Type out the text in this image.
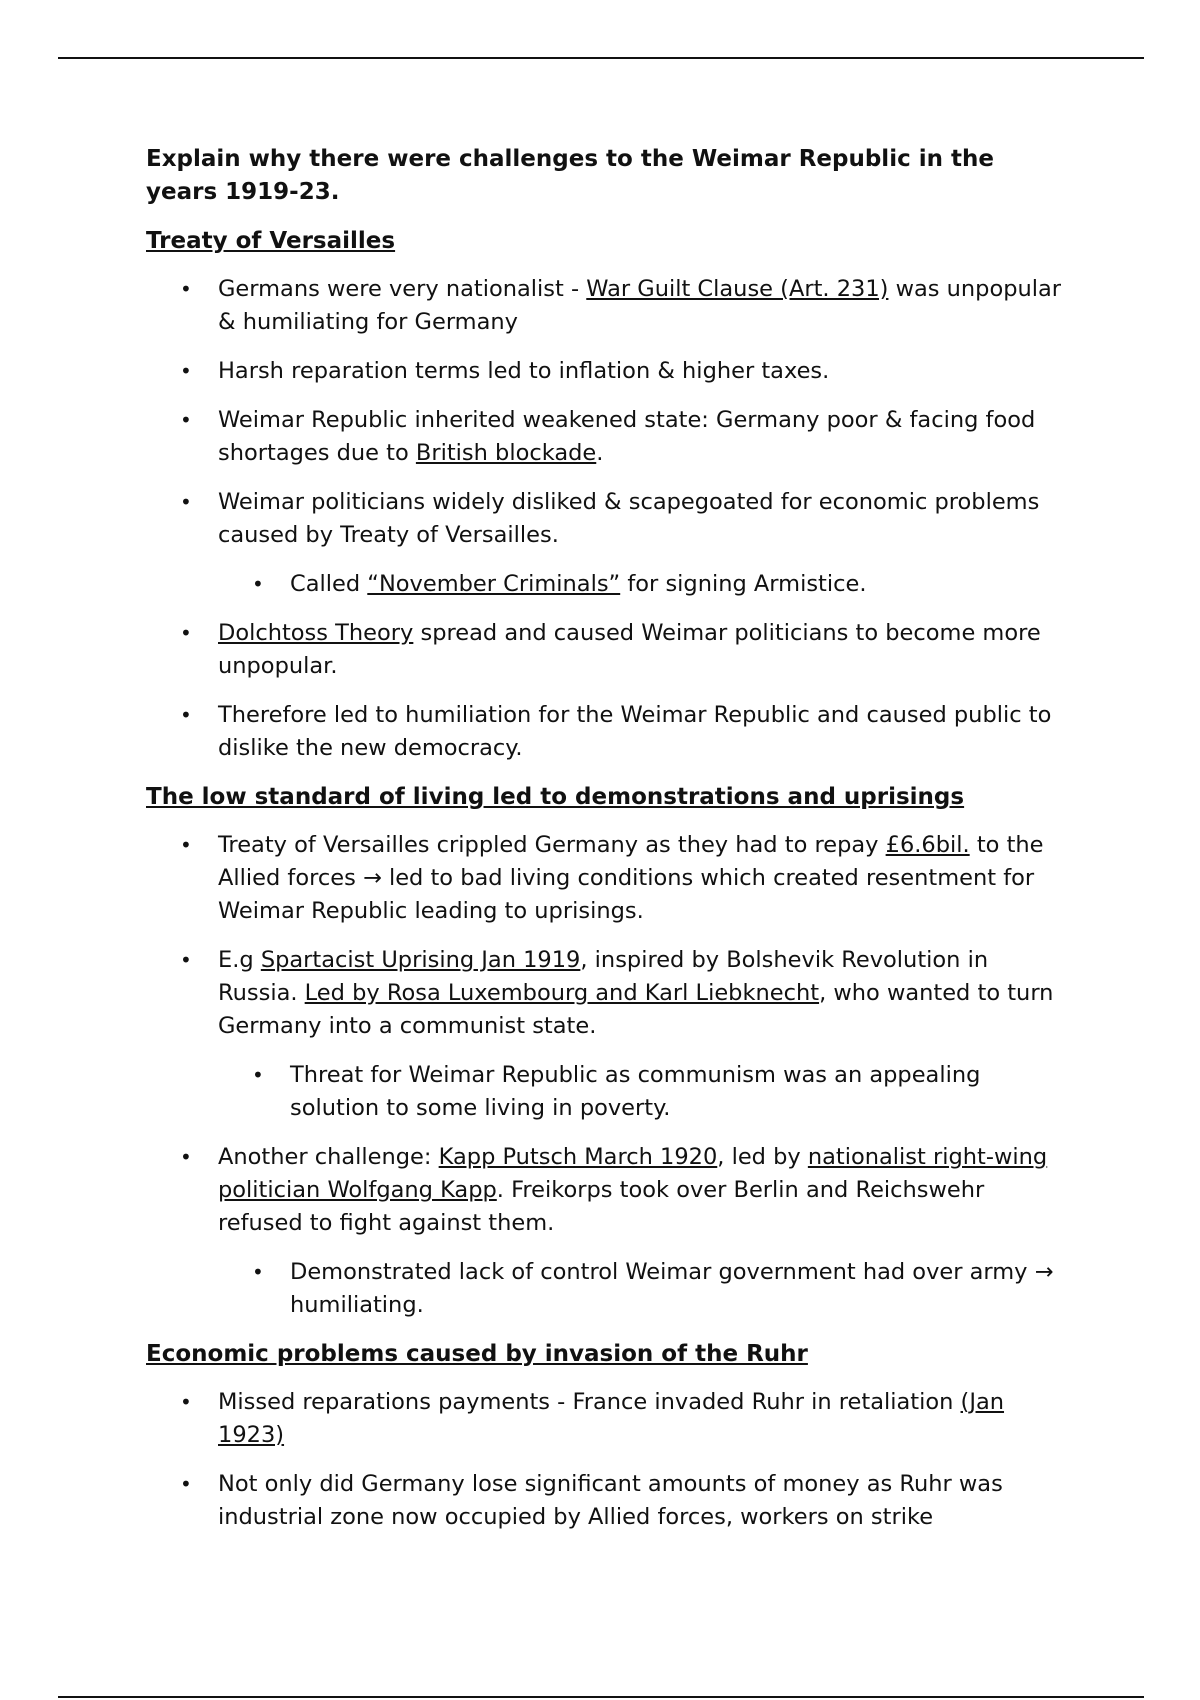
Explain why there were challenges to the Weimar Republic in the years 1919-23.
Treaty of Versailles
• Germans were very nationalist - War Guilt Clause (Art. 231) was unpopular & humiliating for Germany
• Harsh reparation terms led to inflation & higher taxes.
• Weimar Republic inherited weakened state: Germany poor & facing food shortages due to British blockade.
• Weimar politicians widely disliked & scapegoated for economic problems caused by Treaty of Versailles.
• Called “November Criminals” for signing Armistice.
• Dolchtoss Theory spread and caused Weimar politicians to become more unpopular.
• Therefore led to humiliation for the Weimar Republic and caused public to dislike the new democracy.
The low standard of living led to demonstrations and uprisings
• Treaty of Versailles crippled Germany as they had to repay £6.6bil. to the Allied forces → led to bad living conditions which created resentment for Weimar Republic leading to uprisings.
• E.g Spartacist Uprising Jan 1919, inspired by Bolshevik Revolution in Russia. Led by Rosa Luxembourg and Karl Liebknecht, who wanted to turn Germany into a communist state.
• Threat for Weimar Republic as communism was an appealing solution to some living in poverty.
• Another challenge: Kapp Putsch March 1920, led by nationalist right-wing politician Wolfgang Kapp. Freikorps took over Berlin and Reichswehr refused to fight against them.
• Demonstrated lack of control Weimar government had over army → humiliating.
Economic problems caused by invasion of the Ruhr
• Missed reparations payments - France invaded Ruhr in retaliation (Jan 1923)
• Not only did Germany lose significant amounts of money as Ruhr was industrial zone now occupied by Allied forces, workers on strike
